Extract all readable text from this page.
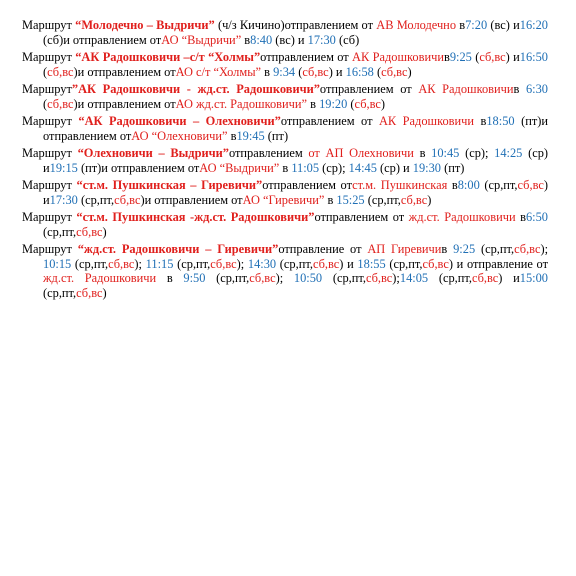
Маршрут “Молодечно – Выдричи” (ч/з Кичино)отправлением от АВ Молодечно в7:20 (вс) и16:20 (сб)и отправлением отАО “Выдричи” в8:40 (вс) и 17:30 (сб)

Маршрут “АК Радошковичи –с/т “Холмы”отправлением от АК Радошковичив9:25 (сб,вс) и16:50 (сб,вс)и отправлением отАО с/т “Холмы” в 9:34 (сб,вс) и 16:58 (сб,вс)

Маршрут”АК Радошковичи - жд.ст. Радошковичи”отправлением от АК Радошковичив 6:30 (сб,вс)и отправлением отАО жд.ст. Радошковичи” в 19:20 (сб,вс)

Маршрут “АК Радошковичи – Олехновичи”отправлением от АК Радошковичи в18:50 (пт)и отправлением отАО “Олехновичи” в19:45 (пт)

Маршрут “Олехновичи – Выдричи”отправлением от АП Олехновичи в 10:45 (ср); 14:25 (ср) и19:15 (пт)и отправлением отАО “Выдричи” в 11:05 (ср); 14:45 (ср) и 19:30 (пт)

Маршрут “ст.м. Пушкинская – Гиревичи”отправлением отст.м. Пушкинская в8:00 (ср,пт,сб,вс) и17:30 (ср,пт,сб,вс)и отправлением отАО “Гиревичи” в 15:25 (ср,пт,сб,вс)

Маршрут “ст.м. Пушкинская -жд.ст. Радошковичи”отправлением от жд.ст. Радошковичи в6:50 (ср,пт,сб,вс)

Маршрут “жд.ст. Радошковичи – Гиревичи”отправление от АП Гиревичив 9:25 (ср,пт,сб,вс); 10:15 (ср,пт,сб,вс); 11:15 (ср,пт,сб,вс); 14:30 (ср,пт,сб,вс) и 18:55 (ср,пт,сб,вс) и отправление от жд.ст. Радошковичи в 9:50 (ср,пт,сб,вс); 10:50 (ср,пт,сб,вс);14:05 (ср,пт,сб,вс) и15:00 (ср,пт,сб,вс)
